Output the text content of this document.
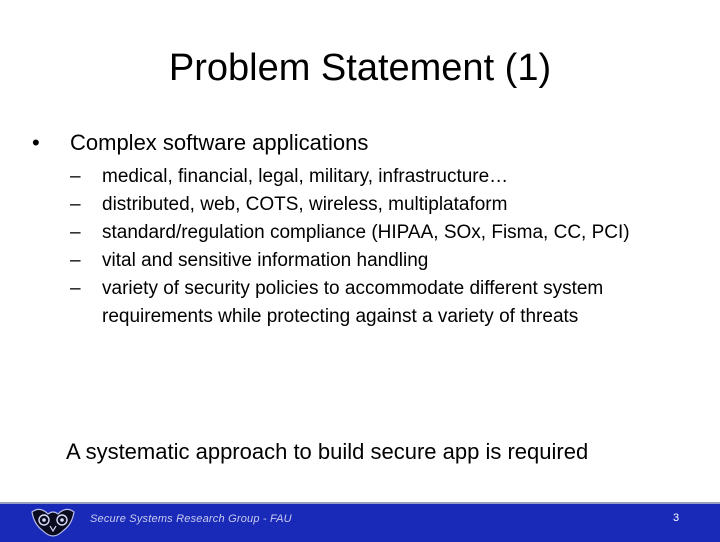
Problem Statement (1)
• Complex software applications
– medical, financial, legal, military, infrastructure…
– distributed, web, COTS, wireless, multiplataform
– standard/regulation compliance (HIPAA, SOx, Fisma, CC, PCI)
– vital and sensitive information handling
– variety of security policies to accommodate different system requirements while protecting against a variety of threats
A systematic approach to build secure app is required
Secure Systems Research Group - FAU	3
